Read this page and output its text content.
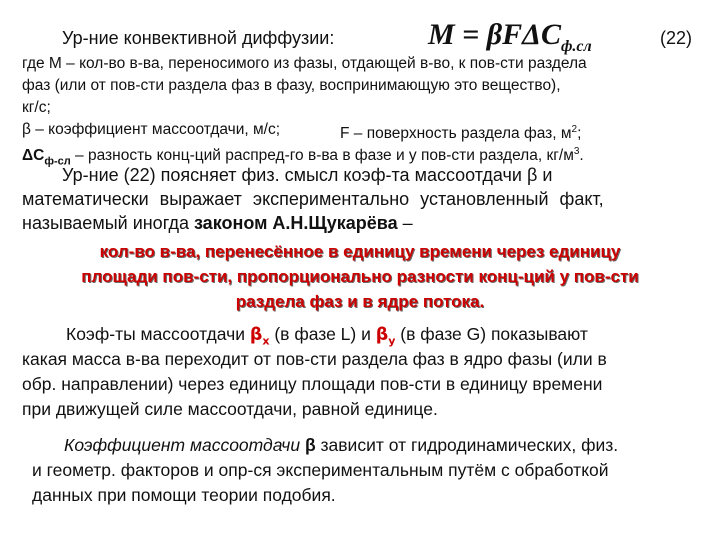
Ур-ние конвективной диффузии:	M = βFΔC$_{ф.сл}$	(22)
где M – кол-во в-ва, переносимого из фазы, отдающей в-во, к пов-сти раздела
фаз (или от пов-сти раздела фаз в фазу, воспринимающую это вещество),
кг/с;
β – коэффициент массоотдачи, м/с;	F – поверхность раздела фаз, $м^2$;
$\Delta C_{ф-сл}$ – разность конц-ций распред-го в-ва в фазе и у пов-сти раздела, $кг/м^3$.
Ур-ние (22) поясняет физ. смысл коэф-та массоотдачи β и
математически выражает экспериментально установленный факт,
называемый иногда законом А.Н.Щукарёва –
кол-во в-ва, перенесённое в единицу времени через единицу
площади пов-сти, пропорционально разности конц-ций у пов-сти
раздела фаз и в ядре потока.
Коэф-ты массоотдачи $\beta_x$ (в фазе L) и $\beta_y$ (в фазе G) показывают
какая масса в-ва переходит от пов-сти раздела фаз в ядро фазы (или в
обр. направлении) через единицу площади пов-сти в единицу времени
при движущей силе массоотдачи, равной единице.
Коэффициент массоотдачи β зависит от гидродинамических, физ.
и геометр. факторов и опр-ся экспериментальным путём с обработкой
данных при помощи теории подобия.
